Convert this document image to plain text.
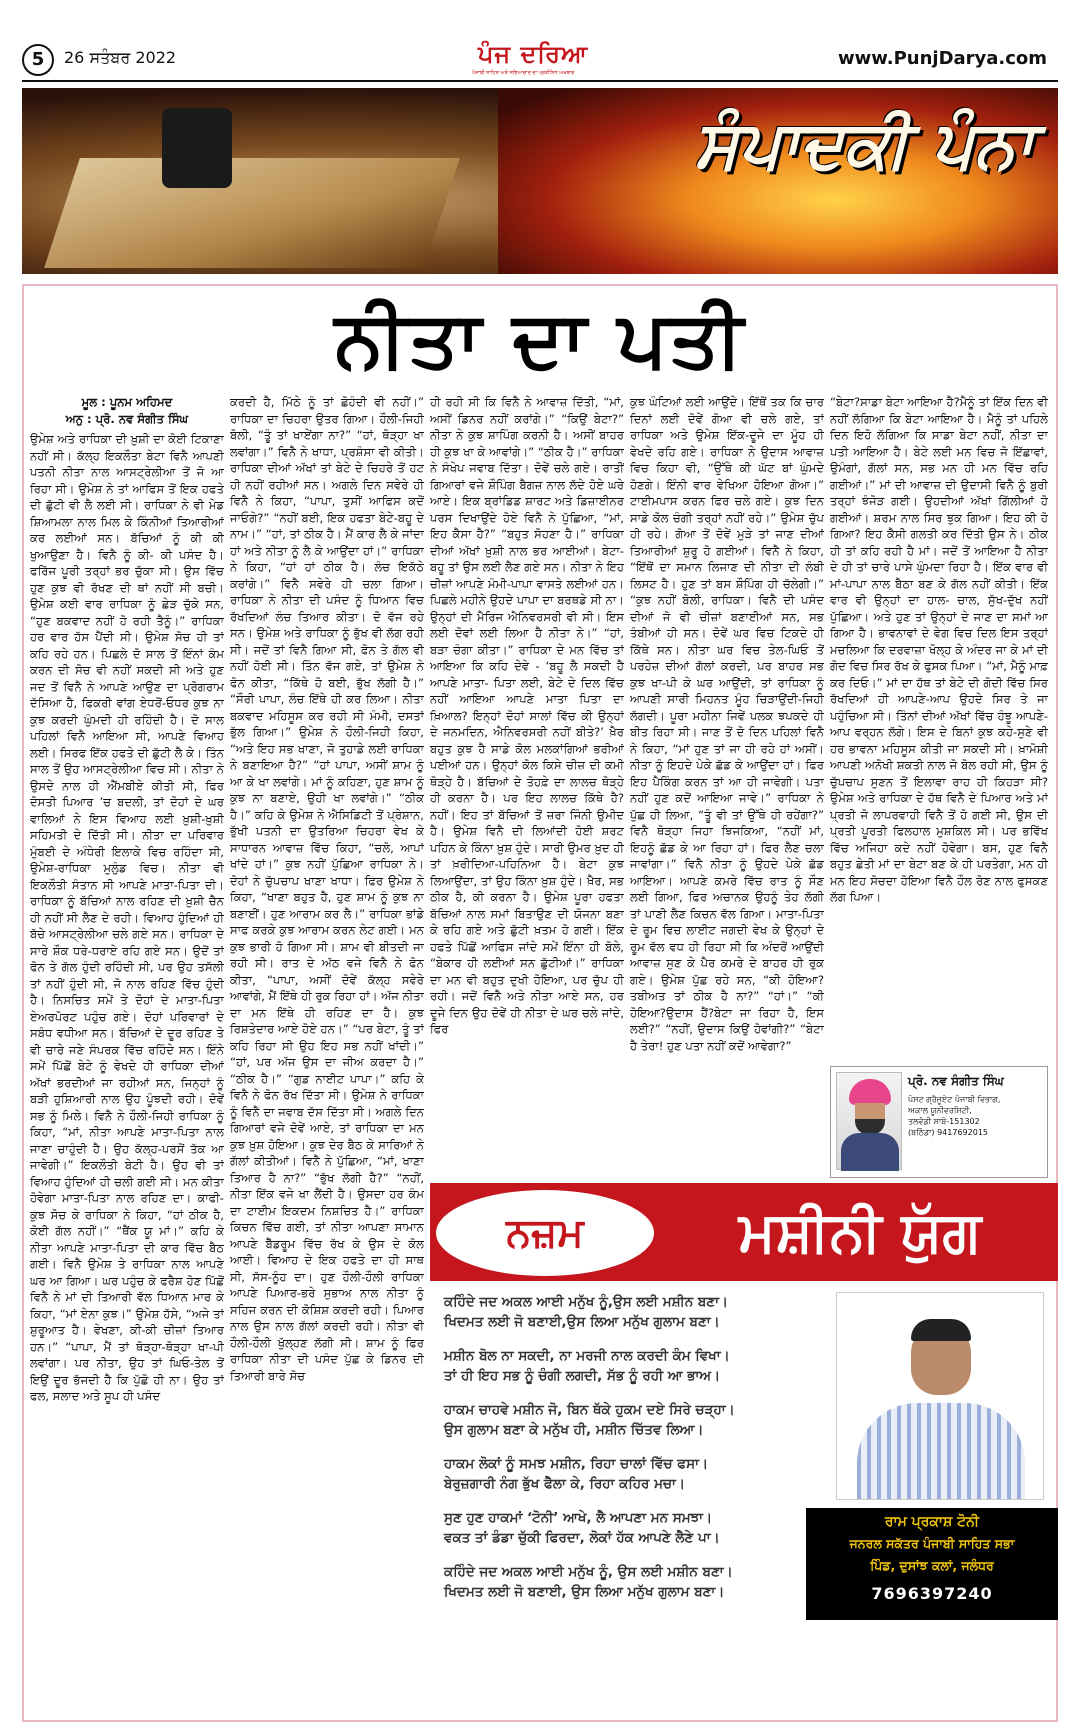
5	26 ਸਤੰਬਰ 2022	ਪੰਜ ਦਰਿਆ
ਪੰਜਾਬੀ ਸਾਹਿਤ ਅਤੇ ਸਭਿਆਚਾਰ ਦਾ ਪ੍ਰਤੀਨਿਧ ਅਖ਼ਬਾਰ
www.PunjDarya.com
ਸੰਪਾਦਕੀ ਪੰਨਾ
ਨੀਤਾ ਦਾ ਪਤੀ
ਮੂਲ : ਪੂਨਮ ਅਹਿਮਦ
ਅਨੁ : ਪ੍ਰੋ. ਨਵ ਸੰਗੀਤ ਸਿੰਘ

ਉਮੇਸ਼ ਅਤੇ ਰਾਧਿਕਾ ਦੀ ਖ਼ੁਸ਼ੀ ਦਾ ਕੋਈ ਟਿਕਾਣਾ ਨਹੀਂ ਸੀ। ਕੱਲ੍ਹ ਇਕਲੌਤਾ ਬੇਟਾ ਵਿਨੈ ਆਪਣੀ ਪਤਨੀ ਨੀਤਾ ਨਾਲ ਆਸਟ੍ਰੇਲੀਆ ਤੋਂ ਜੋ ਆ ਰਿਹਾ ਸੀ। ਉਮੇਸ਼ ਨੇ ਤਾਂ ਆਫਿਸ ਤੋਂ ਇਕ ਹਫਤੇ ਦੀ ਛੁੱਟੀ ਵੀ ਲੈ ਲਈ ਸੀ। ਰਾਧਿਕਾ ਨੇ ਵੀ ਮੇਡ ਸ਼ਿਆਮਲਾ ਨਾਲ ਮਿਲ ਕੇ ਕਿੰਨੀਆਂ ਤਿਆਰੀਆਂ ਕਰ ਲਈਆਂ ਸਨ। ਬੱਚਿਆਂ ਨੂੰ ਕੀ ਕੀ ਖੁਆਉਣਾ ਹੈ। ਵਿਨੈ ਨੂੰ ਕੀ- ਕੀ ਪਸੰਦ ਹੈ। ਫਰਿੱਜ ਪੂਰੀ ਤਰ੍ਹਾਂ ਭਰ ਚੁੱਕਾ ਸੀ। ਉਸ ਵਿੱਚ ਹੁਣ ਕੁਝ ਵੀ ਰੱਖਣ ਦੀ ਥਾਂ ਨਹੀਂ ਸੀ ਬਚੀ। ਉਮੇਸ਼ ਕਈ ਵਾਰ ਰਾਧਿਕਾ ਨੂੰ ਛੇੜ ਚੁੱਕੇ ਸਨ, “ਹੁਣ ਬਕਵਾਦ ਨਹੀਂ ਹੋ ਰਹੀ ਤੈਨੂੰ।” ਰਾਧਿਕਾ ਹਰ ਵਾਰ ਹੱਸ ਪੈਂਦੀ ਸੀ। ਉਮੇਸ਼ ਸੋਚ ਹੀ ਤਾਂ ਕਹਿ ਰਹੇ ਹਨ। ਪਿਛਲੇ ਦੋ ਸਾਲ ਤੋਂ ਇੰਨਾਂ ਕੰਮ ਕਰਨ ਦੀ ਸੋਚ ਵੀ ਨਹੀਂ ਸਕਦੀ ਸੀ ਅਤੇ ਹੁਣ ਜਦ ਤੋਂ ਵਿਨੈ ਨੇ ਆਪਣੇ ਆਉਣ ਦਾ ਪ੍ਰੋਗਰਾਮ ਦੱਸਿਆ ਹੈ, ਫਿਕਰੀ ਵਾਂਗ ਏਧਰੋਂ-ਓਧਰ ਕੁਝ ਨਾ ਕੁਝ ਕਰਦੀ ਘੁੰਮਦੀ ਹੀ ਰਹਿੰਦੀ ਹੈ। ਦੋ ਸਾਲ ਪਹਿਲਾਂ ਵਿਨੈ ਆਇਆ ਸੀ, ਆਪਣੇ ਵਿਆਹ ਲਈ। ਸਿਰਫ ਇੱਕ ਹਫਤੇ ਦੀ ਛੁੱਟੀ ਲੈ ਕੇ। ਤਿੰਨ ਸਾਲ ਤੋਂ ਉਹ ਆਸਟ੍ਰੇਲੀਆ ਵਿਚ ਸੀ। ਨੀਤਾ ਨੇ ਉਸਦੇ ਨਾਲ ਹੀ ਐੱਮਬੀਏ ਕੀਤੀ ਸੀ, ਫਿਰ ਦੋਸਤੀ ਪਿਆਰ ’ਚ ਬਦਲੀ, ਤਾਂ ਦੋਹਾਂ ਦੇ ਘਰ ਵਾਲਿਆਂ ਨੇ ਇਸ ਵਿਆਹ ਲਈ ਖ਼ੁਸ਼ੀ-ਖ਼ੁਸ਼ੀ ਸਹਿਮਤੀ ਦੇ ਦਿੱਤੀ ਸੀ। ਨੀਤਾ ਦਾ ਪਰਿਵਾਰ ਮੁੰਬਈ ਦੇ ਅੰਧੇਰੀ ਇਲਾਕੇ ਵਿਚ ਰਹਿੰਦਾ ਸੀ, ਉਮੇਸ਼-ਰਾਧਿਕਾ ਮੁਲੁੰਡ ਵਿਚ। ਨੀਤਾ ਵੀ ਇਕਲੌਤੀ ਸੰਤਾਨ ਸੀ ਆਪਣੇ ਮਾਤਾ-ਪਿਤਾ ਦੀ। ਰਾਧਿਕਾ ਨੂੰ ਬੱਚਿਆਂ ਨਾਲ ਰਹਿਣ ਦੀ ਖ਼ੁਸ਼ੀ ਚੈਨ ਹੀ ਨਹੀਂ ਸੀ ਲੈਣ ਦੇ ਰਹੀ। ਵਿਆਹ ਹੁੰਦਿਆਂ ਹੀ ਬੱਚੇ ਆਸਟ੍ਰੇਲੀਆ ਚਲੇ ਗਏ ਸਨ। ਰਾਧਿਕਾ ਦੇ ਸਾਰੇ ਸ਼ੌਕ ਧਰੇ-ਧਰਾਏ ਰਹਿ ਗਏ ਸਨ। ਉਦੋਂ ਤਾਂ ਫੋਨ ਤੇ ਗੱਲ ਹੁੰਦੀ ਰਹਿੰਦੀ ਸੀ, ਪਰ ਉਹ ਤਸੱਲੀ ਤਾਂ ਨਹੀਂ ਹੁੰਦੀ ਸੀ, ਜੋ ਨਾਲ ਰਹਿਣ ਵਿੱਚ ਹੁੰਦੀ ਹੈ। ਨਿਸਚਿਤ ਸਮੇਂ ਤੇ ਦੋਹਾਂ ਦੇ ਮਾਤਾ-ਪਿਤਾ ਏਅਰਪੋਰਟ ਪਹੁੰਚ ਗਏ। ਦੋਹਾਂ ਪਰਿਵਾਰਾਂ ਦੇ ਸਬੰਧ ਵਧੀਆ ਸਨ। ਬੱਚਿਆਂ ਦੇ ਦੂਰ ਰਹਿਣ ਤੇ ਵੀ ਚਾਰੇ ਜਣੇ ਸੰਪਰਕ ਵਿੱਚ ਰਹਿੰਦੇ ਸਨ। ਇੰਨੇ ਸਮੇਂ ਪਿੱਛੋਂ ਬੇਟੇ ਨੂੰ ਵੇਖਦੇ ਹੀ ਰਾਧਿਕਾ ਦੀਆਂ ਅੱਖਾਂ ਭਰਦੀਆਂ ਜਾ ਰਹੀਆਂ ਸਨ, ਜਿਨ੍ਹਾਂ ਨੂੰ ਬੜੀ ਹੁਸ਼ਿਆਰੀ ਨਾਲ ਉਹ ਪੂੰਝਦੀ ਰਹੀ। ਦੋਵੇਂ ਸਭ ਨੂੰ ਮਿਲੇ। ਵਿਨੈ ਨੇ ਹੌਲੀ-ਜਿਹੀ ਰਾਧਿਕਾ ਨੂੰ ਕਿਹਾ, “ਮਾਂ, ਨੀਤਾ ਆਪਣੇ ਮਾਤਾ-ਪਿਤਾ ਨਾਲ ਜਾਣਾ ਚਾਹੁੰਦੀ ਹੈ। ਉਹ ਕੱਲ੍ਹ-ਪਰਸੋਂ ਤੱਕ ਆ ਜਾਵੇਗੀ।” ਇਕਲੌਤੀ ਬੇਟੀ ਹੈ। ਉਹ ਵੀ ਤਾਂ ਵਿਆਹ ਹੁੰਦਿਆਂ ਹੀ ਚਲੀ ਗਈ ਸੀ। ਮਨ ਕੀਤਾ ਹੋਵੇਗਾ ਮਾਤਾ-ਪਿਤਾ ਨਾਲ ਰਹਿਣ ਦਾ। ਕਾਫੀ-ਕੁਝ ਸੋਚ ਕੇ ਰਾਧਿਕਾ ਨੇ ਕਿਹਾ, “ਹਾਂ ਠੀਕ ਹੈ, ਕੋਈ ਗੱਲ ਨਹੀਂ।” “ਥੈਂਕ ਯੂ ਮਾਂ।” ਕਹਿ ਕੇ ਨੀਤਾ ਆਪਣੇ ਮਾਤਾ-ਪਿਤਾ ਦੀ ਕਾਰ ਵਿੱਚ ਬੈਠ ਗਈ। ਵਿਨੈ ਉਮੇਸ਼ ਤੇ ਰਾਧਿਕਾ ਨਾਲ ਆਪਣੇ ਘਰ ਆ ਗਿਆ। ਘਰ ਪਹੁੰਚ ਕੇ ਫਰੈਸ਼ ਹੋਣ ਪਿੱਛੋਂ ਵਿਨੈ ਨੇ ਮਾਂ ਦੀ ਤਿਆਰੀ ਵੱਲ ਧਿਆਨ ਮਾਰ ਕੇ ਕਿਹਾ, “ਮਾਂ ਏਨਾ ਕੁਝ।” ਉਮੇਸ਼ ਹੱਸੇ, “ਅਜੇ ਤਾਂ ਸ਼ੁਰੂਆਤ ਹੈ। ਵੇਖਣਾ, ਕੀ-ਕੀ ਚੀਜ਼ਾਂ ਤਿਆਰ ਹਨ।” “ਪਾਪਾ, ਮੈਂ ਤਾਂ ਥੋੜ੍ਹਾ-ਥੋੜ੍ਹਾ ਖਾ-ਪੀ ਲਵਾਂਗਾ। ਪਰ ਨੀਤਾ, ਉਹ ਤਾਂ ਘਿਓ-ਤੇਲ ਤੋਂ ਇਉਂ ਦੂਰ ਭੱਜਦੀ ਹੈ ਕਿ ਪੁੱਛੋ ਹੀ ਨਾ। ਉਹ ਤਾਂ ਫਲ, ਸਲਾਦ ਅਤੇ ਸੂਪ ਹੀ ਪਸੰਦ

ਕਰਦੀ ਹੈ, ਮਿੱਠੇ ਨੂੰ ਤਾਂ ਛੋਹੰਦੀ ਵੀ ਨਹੀਂ।” ਰਾਧਿਕਾ ਦਾ ਚਿਹਰਾ ਉਤਰ ਗਿਆ। ਹੌਲੀ-ਜਿਹੀ ਬੋਲੀ, “ਤੂੰ ਤਾਂ ਖਾਏਂਗਾ ਨਾ?” “ਹਾਂ, ਥੋੜ੍ਹਾ ਖਾ ਲਵਾਂਗਾ।” ਵਿਨੈ ਨੇ ਖਾਧਾ, ਪ੍ਰਸ਼ੰਸਾ ਵੀ ਕੀਤੀ। ਰਾਧਿਕਾ ਦੀਆਂ ਅੱਖਾਂ ਤਾਂ ਬੇਟੇ ਦੇ ਚਿਹਰੇ ਤੋਂ ਹਟ ਹੀ ਨਹੀਂ ਰਹੀਆਂ ਸਨ। ਅਗਲੇ ਦਿਨ ਸਵੇਰੇ ਹੀ ਵਿਨੈ ਨੇ ਕਿਹਾ, “ਪਾਪਾ, ਤੁਸੀਂ ਆਫਿਸ ਕਦੋਂ ਜਾਓਗੇ?” “ਨਹੀਂ ਬਈ, ਇਕ ਹਫਤਾ ਬੇਟੇ-ਬਹੂ ਦੇ ਨਾਮ।” “ਹਾਂ, ਤਾਂ ਠੀਕ ਹੈ। ਮੈਂ ਕਾਰ ਲੈ ਕੇ ਜਾਂਦਾ ਹਾਂ ਅਤੇ ਨੀਤਾ ਨੂੰ ਲੈ ਕੇ ਆਉਂਦਾ ਹਾਂ।” ਰਾਧਿਕਾ ਨੇ ਕਿਹਾ, “ਹਾਂ ਹਾਂ ਠੀਕ ਹੈ। ਲੰਚ ਇਕੱਠੇ ਕਰਾਂਗੇ।” ਵਿਨੈ ਸਵੇਰੇ ਹੀ ਚਲਾ ਗਿਆ। ਰਾਧਿਕਾ ਨੇ ਨੀਤਾ ਦੀ ਪਸੰਦ ਨੂੰ ਧਿਆਨ ਵਿਚ ਰੱਖਦਿਆਂ ਲੰਚ ਤਿਆਰ ਕੀਤਾ। ਦੋ ਵੱਜ ਰਹੇ ਸਨ। ਉਮੇਸ਼ ਅਤੇ ਰਾਧਿਕਾ ਨੂੰ ਭੁੱਖ ਵੀ ਲੱਗ ਰਹੀ ਸੀ। ਜਦੋਂ ਤਾਂ ਵਿਨੈ ਗਿਆ ਸੀ, ਫੋਨ ਤੇ ਗੱਲ ਵੀ ਨਹੀਂ ਹੋਈ ਸੀ। ਤਿੰਨ ਵੱਜ ਗਏ, ਤਾਂ ਉਮੇਸ਼ ਨੇ ਫੋਨ ਕੀਤਾ, “ਕਿੱਥੇ ਹੋ ਬਈ, ਭੁੱਖ ਲੱਗੀ ਹੈ।” “ਸੌਰੀ ਪਾਪਾ, ਲੰਚ ਇੱਥੇ ਹੀ ਕਰ ਲਿਆ। ਨੀਤਾ ਬਕਵਾਦ ਮਹਿਸੂਸ ਕਰ ਰਹੀ ਸੀ ਮੰਮੀ, ਦਸਤਾਂ ਭੁੱਲ ਗਿਆ।” ਉਮੇਸ਼ ਨੇ ਹੌਲੀ-ਜਿਹੀ ਕਿਹਾ, “ਅਤੇ ਇਹ ਸਭ ਖਾਣਾ, ਜੋ ਤੁਹਾਡੇ ਲਈ ਰਾਧਿਕਾ ਨੇ ਬਣਾਇਆ ਹੈ?” “ਹਾਂ ਪਾਪਾ, ਅਸੀਂ ਸ਼ਾਮ ਨੂੰ ਆ ਕੇ ਖਾ ਲਵਾਂਗੇ। ਮਾਂ ਨੂੰ ਕਹਿਣਾ, ਹੁਣ ਸ਼ਾਮ ਨੂੰ ਕੁਝ ਨਾ ਬਣਾਏ, ਉਹੀ ਖਾ ਲਵਾਂਗੇ।” “ਠੀਕ ਹੈ।” ਕਹਿ ਕੇ ਉਮੇਸ਼ ਨੇ ਐਸਿਡਿਟੀ ਤੋਂ ਪ੍ਰੇਸ਼ਾਨ, ਭੁੱਖੀ ਪਤਨੀ ਦਾ ਉਤਰਿਆ ਚਿਹਰਾ ਵੇਖ ਕੇ ਸਾਧਾਰਨ ਆਵਾਜ਼ ਵਿੱਚ ਕਿਹਾ, “ਚਲੋ, ਆਪਾਂ ਖਾਂਦੇ ਹਾਂ।” ਕੁਝ ਨਹੀਂ ਪੁੱਛਿਆ ਰਾਧਿਕਾ ਨੇ। ਦੋਹਾਂ ਨੇ ਚੁੱਪਚਾਪ ਖਾਣਾ ਖਾਧਾ। ਫਿਰ ਉਮੇਸ਼ ਨੇ ਕਿਹਾ, “ਖਾਣਾ ਬਹੁਤ ਹੈ, ਹੁਣ ਸ਼ਾਮ ਨੂੰ ਕੁਝ ਨਾ ਬਣਾਈਂ। ਹੁਣ ਆਰਾਮ ਕਰ ਲੈ।” ਰਾਧਿਕਾ ਭਾਂਡੇ ਸਾਫ ਕਰਕੇ ਕੁਝ ਆਰਾਮ ਕਰਨ ਲੇਟ ਗਈ। ਮਨ ਕੁਝ ਭਾਰੀ ਹੋ ਗਿਆ ਸੀ। ਸ਼ਾਮ ਵੀ ਬੀਤਦੀ ਜਾ ਰਹੀ ਸੀ। ਰਾਤ ਦੇ ਅੱਠ ਵਜੇ ਵਿਨੈ ਨੇ ਫੋਨ ਕੀਤਾ, “ਪਾਪਾ, ਅਸੀਂ ਦੋਵੇਂ ਕੱਲ੍ਹ ਸਵੇਰੇ ਆਵਾਂਗੇ, ਮੈਂ ਇੱਥੇ ਹੀ ਰੁਕ ਰਿਹਾ ਹਾਂ। ਅੱਜ ਨੀਤਾ ਦਾ ਮਨ ਇੱਥੇ ਹੀ ਰਹਿਣ ਦਾ ਹੈ। ਕੁਝ ਰਿਸ਼ਤੇਦਾਰ ਆਏ ਹੋਏ ਹਨ।” “ਪਰ ਬੇਟਾ, ਤੂੰ ਤਾਂ ਕਹਿ ਰਿਹਾ ਸੀ ਉਹ ਇਹ ਸਭ ਨਹੀਂ ਖਾਂਦੀ।” “ਹਾਂ, ਪਰ ਅੱਜ ਉਸ ਦਾ ਜੀਅ ਕਰਦਾ ਹੈ।” “ਠੀਕ ਹੈ।” “ਗੁਡ ਨਾਈਟ ਪਾਪਾ।” ਕਹਿ ਕੇ ਵਿਨੈ ਨੇ ਫੋਨ ਰੱਖ ਦਿੱਤਾ ਸੀ। ਉਮੇਸ਼ ਨੇ ਰਾਧਿਕਾ ਨੂੰ ਵਿਨੈ ਦਾ ਜਵਾਬ ਦੱਸ ਦਿੱਤਾ ਸੀ। ਅਗਲੇ ਦਿਨ ਗਿਆਰਾਂ ਵਜੇ ਦੋਵੇਂ ਆਏ, ਤਾਂ ਰਾਧਿਕਾ ਦਾ ਮਨ ਕੁਝ ਖ਼ੁਸ਼ ਹੋਇਆ। ਕੁਝ ਦੇਰ ਬੈਠ ਕੇ ਸਾਰਿਆਂ ਨੇ ਗੱਲਾਂ ਕੀਤੀਆਂ। ਵਿਨੈ ਨੇ ਪੁੱਛਿਆ, “ਮਾਂ, ਖਾਣਾ ਤਿਆਰ ਹੈ ਨਾ?” “ਭੁੱਖ ਲੱਗੀ ਹੈ?” “ਨਹੀਂ, ਨੀਤਾ ਇੱਕ ਵਜੇ ਖਾ ਲੈਂਦੀ ਹੈ। ਉਸਦਾ ਹਰ ਕੰਮ ਦਾ ਟਾਈਮ ਇਕਦਮ ਨਿਸ਼ਚਿਤ ਹੈ।” ਰਾਧਿਕਾ ਕਿਚਨ ਵਿੱਚ ਗਈ, ਤਾਂ ਨੀਤਾ ਆਪਣਾ ਸਾਮਾਨ ਆਪਣੇ ਬੈੱਡਰੂਮ ਵਿੱਚ ਰੱਖ ਕੇ ਉਸ ਦੇ ਕੋਲ ਆਈ। ਵਿਆਹ ਦੇ ਇਕ ਹਫਤੇ ਦਾ ਹੀ ਸਾਥ ਸੀ, ਸੱਸ-ਨੂੰਹ ਦਾ। ਹੁਣ ਹੌਲੀ-ਹੌਲੀ ਰਾਧਿਕਾ ਆਪਣੇ ਪਿਆਰ-ਭਰੇ ਸੁਭਾਅ ਨਾਲ ਨੀਤਾ ਨੂੰ ਸਹਿਜ ਕਰਨ ਦੀ ਕੋਸ਼ਿਸ਼ ਕਰਦੀ ਰਹੀ। ਪਿਆਰ ਨਾਲ ਉਸ ਨਾਲ ਗੱਲਾਂ ਕਰਦੀ ਰਹੀ। ਨੀਤਾ ਵੀ ਹੌਲੀ-ਹੌਲੀ ਖੁੱਲ੍ਹਣ ਲੱਗੀ ਸੀ। ਸ਼ਾਮ ਨੂੰ ਫਿਰ ਰਾਧਿਕਾ ਨੀਤਾ ਦੀ ਪਸੰਦ ਪੁੱਛ ਕੇ ਡਿਨਰ ਦੀ ਤਿਆਰੀ ਬਾਰੇ ਸੋਚ

ਹੀ ਰਹੀ ਸੀ ਕਿ ਵਿਨੈ ਨੇ ਆਵਾਜ਼ ਦਿੱਤੀ, “ਮਾਂ, ਅਸੀਂ ਡਿਨਰ ਨਹੀਂ ਕਰਾਂਗੇ।” “ਕਿਉਂ ਬੇਟਾ?” ਨੀਤਾ ਨੇ ਕੁਝ ਸ਼ਾਪਿੰਗ ਕਰਨੀ ਹੈ। ਅਸੀਂ ਬਾਹਰ ਹੀ ਕੁਝ ਖਾ ਕੇ ਆਵਾਂਗੇ।” “ਠੀਕ ਹੈ।” ਰਾਧਿਕਾ ਨੇ ਸੰਖੇਪ ਜਵਾਬ ਦਿੱਤਾ। ਦੋਵੇਂ ਚਲੇ ਗਏ। ਰਾਤੀਂ ਗਿਆਰਾਂ ਵਜੇ ਸ਼ੌਪਿੰਗ ਬੈਗਜ਼ ਨਾਲ ਲੱਦੇ ਹੋਏ ਘਰੇ ਆਏ। ਇਕ ਬ੍ਰਾਂਡਿਡ ਸ਼ਾਰਟ ਅਤੇ ਡਿਜ਼ਾਈਨਰ ਪਰਸ ਦਿਖਾਉਂਦੇ ਹੋਏ ਵਿਨੈ ਨੇ ਪੁੱਛਿਆ, “ਮਾਂ, ਇਹ ਕੈਸਾ ਹੈ?” “ਬਹੁਤ ਸੋਹਣਾ ਹੈ।” ਰਾਧਿਕਾ ਦੀਆਂ ਅੱਖਾਂ ਖ਼ੁਸ਼ੀ ਨਾਲ ਭਰ ਆਈਆਂ। ਬੇਟਾ-ਬਹੂ ਤਾਂ ਉਸ ਲਈ ਲੈਣ ਗਏ ਸਨ। ਨੀਤਾ ਨੇ ਇਹ ਚੀਜ਼ਾਂ ਆਪਣੇ ਮੰਮੀ-ਪਾਪਾ ਵਾਸਤੇ ਲਈਆਂ ਹਨ। ਪਿਛਲੇ ਮਹੀਨੇ ਉਹਦੇ ਪਾਪਾ ਦਾ ਬਰਥਡੇ ਸੀ ਨਾ। ਉਨ੍ਹਾਂ ਦੀ ਮੈਰਿਜ ਐਨਿਵਰਸਰੀ ਵੀ ਸੀ। ਇਸ ਲਈ ਦੋਵਾਂ ਲਈ ਲਿਆ ਹੈ ਨੀਤਾ ਨੇ।” “ਹਾਂ, ਬੜਾ ਚੰਗਾ ਕੀਤਾ।” ਰਾਧਿਕਾ ਦੇ ਮਨ ਵਿੱਚ ਤਾਂ ਆਇਆ ਕਿ ਕਹਿ ਦੇਵੇ - ‘ਬਹੂ ਲੈ ਸਕਦੀ ਹੈ ਆਪਣੇ ਮਾਤਾ- ਪਿਤਾ ਲਈ, ਬੇਟੇ ਦੇ ਦਿਲ ਵਿੱਚ ਨਹੀਂ ਆਇਆ ਆਪਣੇ ਮਾਤਾ ਪਿਤਾ ਦਾ ਖ਼ਿਆਲ? ਇਨ੍ਹਾਂ ਦੋਹਾਂ ਸਾਲਾਂ ਵਿੱਚ ਕੀ ਉਨ੍ਹਾਂ ਦੇ ਜਨਮਦਿਨ, ਐਨਿਵਰਸਰੀ ਨਹੀਂ ਬੀਤੇ?’ ਖ਼ੈਰ ਬਹੁਤ ਕੁਝ ਹੈ ਸਾਡੇ ਕੋਲ ਮਲਕਾਂਗਿਆਂ ਭਰੀਆਂ ਪਈਆਂ ਹਨ। ਉਨ੍ਹਾਂ ਕੋਲ ਕਿਸੇ ਚੀਜ਼ ਦੀ ਕਮੀ ਥੋੜ੍ਹੇ ਹੈ। ਬੱਚਿਆਂ ਦੇ ਤੋਹਫ਼ੇ ਦਾ ਲਾਲਚ ਥੋੜ੍ਹੇ ਹੀ ਕਰਨਾ ਹੈ। ਪਰ ਇਹ ਲਾਲਚ ਕਿੱਥੇ ਹੈ? ਨਹੀਂ। ਇਹ ਤਾਂ ਬੱਚਿਆਂ ਤੋਂ ਜ਼ਰਾ ਜਿੰਨੀ ਉਮੀਦ ਹੈ। ਉਮੇਸ਼ ਵਿਨੈ ਦੀ ਲਿਆਂਦੀ ਹੋਈ ਸ਼ਰਟ ਪਹਿਨ ਕੇ ਕਿੰਨਾ ਖ਼ੁਸ਼ ਹੁੰਦੇ। ਸਾਰੀ ਉਮਰ ਖ਼ੁਦ ਹੀ ਤਾਂ ਖ਼ਰੀਦਿਆ-ਪਹਿਨਿਆ ਹੈ। ਬੇਟਾ ਕੁਝ ਲਿਆਉਂਦਾ, ਤਾਂ ਉਹ ਕਿੰਨਾ ਖ਼ੁਸ਼ ਹੁੰਦੇ। ਖ਼ੈਰ, ਸਭ ਠੀਕ ਹੈ, ਕੀ ਕਰਨਾ ਹੈ। ਉਮੇਸ਼ ਪੂਰਾ ਹਫਤਾ ਬੱਚਿਆਂ ਨਾਲ ਸਮਾਂ ਬਿਤਾਉਣ ਦੀ ਯੋਜਨਾ ਬਣਾ ਕੇ ਰਹਿ ਗਏ ਅਤੇ ਛੁੱਟੀ ਖ਼ਤਮ ਹੋ ਗਈ। ਇੱਕ ਹਫਤੇ ਪਿੱਛੋਂ ਆਫਿਸ ਜਾਂਦੇ ਸਮੇਂ ਇੰਨਾ ਹੀ ਬੋਲੇ, “ਬੇਕਾਰ ਹੀ ਲਈਆਂ ਸਨ ਛੁੱਟੀਆਂ।” ਰਾਧਿਕਾ ਦਾ ਮਨ ਵੀ ਬਹੁਤ ਦੁਖੀ ਹੋਇਆ, ਪਰ ਚੁੱਪ ਹੀ ਰਹੀ। ਜਦੋਂ ਵਿਨੈ ਅਤੇ ਨੀਤਾ ਆਏ ਸਨ, ਹਰ ਦੂਜੇ ਦਿਨ ਉਹ ਦੋਵੇਂ ਹੀ ਨੀਤਾ ਦੇ ਘਰ ਚਲੇ ਜਾਂਦੇ, ਫਿਰ

ਕੁਝ ਘੰਟਿਆਂ ਲਈ ਆਉਂਦੇ। ਇੱਥੋਂ ਤਕ ਕਿ ਚਾਰ ਦਿਨਾਂ ਲਈ ਦੋਵੇਂ ਗੋਆ ਵੀ ਚਲੇ ਗਏ, ਤਾਂ ਰਾਧਿਕਾ ਅਤੇ ਉਮੇਸ਼ ਇੱਕ-ਦੂਜੇ ਦਾ ਮੂੰਹ ਹੀ ਵੇਖਦੇ ਰਹਿ ਗਏ। ਰਾਧਿਕਾ ਨੇ ਉਦਾਸ ਆਵਾਜ਼ ਵਿਚ ਕਿਹਾ ਵੀ, “ਉੱਥੇ ਕੀ ਘੱਟ ਬਾਂ ਘੁੰਮਦੇ ਹੋਣਗੇ। ਇੰਨੀ ਵਾਰ ਵੇਖਿਆ ਹੋਇਆ ਗੋਆ।” ਟਾਈਮਪਾਸ ਕਰਨ ਫਿਰ ਚਲੇ ਗਏ। ਕੁਝ ਦਿਨ ਸਾਡੇ ਕੋਲ ਚੰਗੀ ਤਰ੍ਹਾਂ ਨਹੀਂ ਰਹੇ।” ਉਮੇਸ਼ ਚੁੱਪ ਹੀ ਰਹੇ। ਗੋਆ ਤੋਂ ਦੋਵੇਂ ਮੁੜੇ ਤਾਂ ਜਾਣ ਦੀਆਂ ਤਿਆਰੀਆਂ ਸ਼ੁਰੂ ਹੋ ਗਈਆਂ। ਵਿਨੈ ਨੇ ਕਿਹਾ, “ਇੱਥੋਂ ਦਾ ਸਮਾਨ ਲਿਜਾਣ ਦੀ ਨੀਤਾ ਦੀ ਲੰਬੀ ਲਿਸਟ ਹੈ। ਹੁਣ ਤਾਂ ਬਸ ਸ਼ੌਪਿੰਗ ਹੀ ਚੱਲੇਗੀ।” “ਕੁਝ ਨਹੀਂ ਬੋਲੀ, ਰਾਧਿਕਾ। ਵਿਨੈ ਦੀ ਪਸੰਦ ਦੀਆਂ ਜੋ ਵੀ ਚੀਜ਼ਾਂ ਬਣਾਈਆਂ ਸਨ, ਸਭ ਤੰਬੀਆਂ ਹੀ ਸਨ। ਦੋਵੇਂ ਘਰ ਵਿਚ ਟਿਕਦੇ ਹੀ ਕਿੱਥੇ ਸਨ। ਨੀਤਾ ਘਰ ਵਿਚ ਤੇਲ-ਘਿਓ ਤੋਂ ਪਰਹੇਜ਼ ਦੀਆਂ ਗੱਲਾਂ ਕਰਦੀ, ਪਰ ਬਾਹਰ ਸਭ ਕੁਝ ਖਾ-ਪੀ ਕੇ ਘਰ ਆਉਂਦੀ, ਤਾਂ ਰਾਧਿਕਾ ਨੂੰ ਆਪਣੀ ਸਾਰੀ ਮਿਹਨਤ ਮੂੰਹ ਚਿੜਾਉਂਦੀ-ਜਿਹੀ ਲੱਗਦੀ। ਪੂਰਾ ਮਹੀਨਾ ਜਿਵੇਂ ਪਲਕ ਝਪਕਦੇ ਹੀ ਬੀਤ ਰਿਹਾ ਸੀ। ਜਾਣ ਤੋਂ ਦੋ ਦਿਨ ਪਹਿਲਾਂ ਵਿਨੈ ਨੇ ਕਿਹਾ, “ਮਾਂ ਹੁਣ ਤਾਂ ਜਾ ਹੀ ਰਹੇ ਹਾਂ ਅਸੀਂ। ਨੀਤਾ ਨੂੰ ਇਹਦੇ ਪੇਕੇ ਛੱਡ ਕੇ ਆਉਂਦਾ ਹਾਂ। ਫਿਰ ਇਹ ਪੈਕਿੰਗ ਕਰਨ ਤਾਂ ਆ ਹੀ ਜਾਵੇਗੀ। ਪਤਾ ਨਹੀਂ ਹੁਣ ਕਦੋਂ ਆਇਆ ਜਾਵੇ।” ਰਾਧਿਕਾ ਨੇ ਪੁੱਛ ਹੀ ਲਿਆ, “ਤੂੰ ਵੀ ਤਾਂ ਉੱਥੇ ਹੀ ਰਹੇਂਗਾ?” ਵਿਨੈ ਥੋੜ੍ਹਾ ਜਿਹਾ ਝਿਜਕਿਆ, “ਨਹੀਂ ਮਾਂ, ਇਹਨੂੰ ਛੱਡ ਕੇ ਆ ਰਿਹਾ ਹਾਂ। ਫਿਰ ਲੈਣ ਚਲਾ ਜਾਵਾਂਗਾ।” ਵਿਨੈ ਨੀਤਾ ਨੂੰ ਉਹਦੇ ਪੇਕੇ ਛੱਡ ਆਇਆ। ਆਪਣੇ ਕਮਰੇ ਵਿੱਚ ਰਾਤ ਨੂੰ ਸੌਣ ਲਈ ਗਿਆ, ਫਿਰ ਅਚਾਨਕ ਉਹਨੂੰ ਤੇਹ ਲੱਗੀ ਤਾਂ ਪਾਣੀ ਲੈਣ ਕਿਚਨ ਵੱਲ ਗਿਆ। ਮਾਤਾ-ਪਿਤਾ ਦੇ ਰੂਮ ਵਿਚ ਲਾਈਟ ਜਗਦੀ ਵੇਖ ਕੇ ਉਨ੍ਹਾਂ ਦੇ ਰੂਮ ਵੱਲ ਵਧ ਹੀ ਰਿਹਾ ਸੀ ਕਿ ਅੰਦਰੋਂ ਆਉਂਦੀ ਆਵਾਜ਼ ਸੁਣ ਕੇ ਪੈਰ ਕਮਰੇ ਦੇ ਬਾਹਰ ਹੀ ਰੁਕ ਗਏ। ਉਮੇਸ਼ ਪੁੱਛ ਰਹੇ ਸਨ, “ਕੀ ਹੋਇਆ?ਤਬੀਅਤ ਤਾਂ ਠੀਕ ਹੈ ਨਾ?” “ਹਾਂ।” “ਕੀ ਹੋਇਆ?ਉਦਾਸ ਹੈਂ?ਬੇਟਾ ਜਾ ਰਿਹਾ ਹੈ, ਇਸ ਲਈ?” “ਨਹੀਂ, ਉਦਾਸ ਕਿਉਂ ਹੋਵਾਂਗੀ?” “ਬੇਟਾ ਹੈ ਤੇਰਾ! ਹੁਣ ਪਤਾ ਨਹੀਂ ਕਦੋਂ ਆਵੇਗਾ?”

“ਬੇਟਾ?ਸਾਡਾ ਬੇਟਾ ਆਇਆ ਹੈ?ਮੈਨੂੰ ਤਾਂ ਇੱਕ ਦਿਨ ਵੀ ਨਹੀਂ ਲੱਗਿਆ ਕਿ ਬੇਟਾ ਆਇਆ ਹੈ। ਮੈਨੂੰ ਤਾਂ ਪਹਿਲੇ ਦਿਨ ਇਹੋ ਲੱਗਿਆ ਕਿ ਸਾਡਾ ਬੇਟਾ ਨਹੀਂ, ਨੀਤਾ ਦਾ ਪਤੀ ਆਇਆ ਹੈ। ਬੇਟੇ ਲਈ ਮਨ ਵਿਚ ਜੋ ਇੱਛਾਵਾਂ, ਉਮੰਗਾਂ, ਗੱਲਾਂ ਸਨ, ਸਭ ਮਨ ਹੀ ਮਨ ਵਿੱਚ ਰਹਿ ਗਈਆਂ।” ਮਾਂ ਦੀ ਆਵਾਜ਼ ਦੀ ਉਦਾਸੀ ਵਿਨੈ ਨੂੰ ਬੁਰੀ ਤਰ੍ਹਾਂ ਝੰਜੋੜ ਗਈ। ਉਹਦੀਆਂ ਅੱਖਾਂ ਗਿੱਲੀਆਂ ਹੋ ਗਈਆਂ। ਸ਼ਰਮ ਨਾਲ ਸਿਰ ਝੁਕ ਗਿਆ। ਇਹ ਕੀ ਹੋ ਗਿਆ? ਇਹ ਕੈਸੀ ਗਲਤੀ ਕਰ ਦਿੱਤੀ ਉਸ ਨੇ। ਠੀਕ ਹੀ ਤਾਂ ਕਹਿ ਰਹੀ ਹੈ ਮਾਂ। ਜਦੋਂ ਤੋਂ ਆਇਆ ਹੈ ਨੀਤਾ ਦੇ ਹੀ ਤਾਂ ਚਾਰੇ ਪਾਸੇ ਘੁੰਮਦਾ ਰਿਹਾ ਹੈ। ਇੱਕ ਵਾਰ ਵੀ ਮਾਂ-ਪਾਪਾ ਨਾਲ ਬੈਠਾ ਬਣ ਕੇ ਗੱਲ ਨਹੀਂ ਕੀਤੀ। ਇੱਕ ਵਾਰ ਵੀ ਉਨ੍ਹਾਂ ਦਾ ਹਾਲ- ਚਾਲ, ਸੁੱਖ-ਦੁੱਖ ਨਹੀਂ ਪੁੱਛਿਆ। ਅਤੇ ਹੁਣ ਤਾਂ ਉਨ੍ਹਾਂ ਦੇ ਜਾਣ ਦਾ ਸਮਾਂ ਆ ਗਿਆ ਹੈ। ਭਾਵਨਾਵਾਂ ਦੇ ਵੇਗ ਵਿਚ ਦਿਲ ਇਸ ਤਰ੍ਹਾਂ ਮਚਲਿਆ ਕਿ ਦਰਵਾਜ਼ਾ ਖੋਲ੍ਹ ਕੇ ਅੰਦਰ ਜਾ ਕੇ ਮਾਂ ਦੀ ਗੋਦ ਵਿਚ ਸਿਰ ਰੱਖ ਕੇ ਫੁਸਕ ਪਿਆ। “ਮਾਂ, ਮੈਨੂੰ ਮਾਫ਼ ਕਰ ਦਿਓ।” ਮਾਂ ਦਾ ਹੱਥ ਤਾਂ ਬੇਟੇ ਦੀ ਗੋਦੀ ਵਿੱਚ ਸਿਰ ਰੱਖਦਿਆਂ ਹੀ ਆਪਣੇ-ਆਪ ਉਹਦੇ ਸਿਰ ਤੇ ਜਾ ਪਹੁੰਚਿਆ ਸੀ। ਤਿੰਨਾਂ ਦੀਆਂ ਅੱਖਾਂ ਵਿੱਚ ਹੰਝੂ ਆਪਣੇ-ਆਪ ਵਰ੍ਹਨ ਲੱਗੇ। ਇਸ ਦੇ ਬਿਨਾਂ ਕੁਝ ਕਹੇ-ਸੁਣੇ ਵੀ ਹਰ ਭਾਵਨਾ ਮਹਿਸੂਸ ਕੀਤੀ ਜਾ ਸਕਦੀ ਸੀ। ਖ਼ਾਮੋਸ਼ੀ ਆਪਣੀ ਅਨੋਖੀ ਸ਼ਕਤੀ ਨਾਲ ਜੋ ਬੋਲ ਰਹੀ ਸੀ, ਉਸ ਨੂੰ ਚੁੱਪਚਾਪ ਸੁਣਨ ਤੋਂ ਇਲਾਵਾ ਰਾਹ ਹੀ ਕਿਹੜਾ ਸੀ? ਉਮੇਸ਼ ਅਤੇ ਰਾਧਿਕਾ ਦੇ ਹੱਥ ਵਿਨੈ ਦੇ ਪਿਆਰ ਅਤੇ ਮਾਂ ਪ੍ਰਤੀ ਜੋ ਲਾਪਰਵਾਹੀ ਵਿਨੈ ਤੋਂ ਹੋ ਗਈ ਸੀ, ਉਸ ਦੀ ਪ੍ਰਤੀ ਪੂਰਤੀ ਫਿਲਹਾਲ ਮੁਸ਼ਕਿਲ ਸੀ। ਪਰ ਭਵਿੱਖ ਵਿੱਚ ਅਜਿਹਾ ਕਦੇ ਨਹੀਂ ਹੋਵੇਗਾ। ਬਸ, ਹੁਣ ਵਿਨੈ ਬਹੁਤ ਛੇਤੀ ਮਾਂ ਦਾ ਬੇਟਾ ਬਣ ਕੇ ਹੀ ਪਰਤੇਗਾ, ਮਨ ਹੀ ਮਨ ਇਹ ਸੋਚਦਾ ਹੋਇਆ ਵਿਨੈ ਹੌਲ ਰੋਣ ਨਾਲ ਫੁਸਕਣ ਲੱਗ ਪਿਆ।

ਪ੍ਰੋ. ਨਵ ਸੰਗੀਤ ਸਿੰਘ
ਪੋਸਟ ਗ੍ਰੈਜੂਏਟ ਪੰਜਾਬੀ ਵਿਭਾਗ,
ਅਕਾਲ ਯੂਨੀਵਰਸਿਟੀ,
ਤਲਵੰਡੀ ਸਾਬੋ-151302
(ਬਠਿੰਡਾ) 9417692015
ਨਜ਼ਮ	ਮਸ਼ੀਨੀ ਯੁੱਗ
ਕਹਿੰਦੇ ਜਦ ਅਕਲ ਆਈ ਮਨੁੱਖ ਨੂੰ,ਉਸ ਲਈ ਮਸ਼ੀਨ ਬਣਾ।
ਖਿਦਮਤ ਲਈ ਜੋ ਬਣਾਈ,ਉਸ ਲਿਆ ਮਨੁੱਖ ਗੁਲਾਮ ਬਣਾ।
ਮਸ਼ੀਨ ਬੋਲ ਨਾ ਸਕਦੀ, ਨਾ ਮਰਜੀ ਨਾਲ ਕਰਦੀ ਕੰਮ ਵਿਖਾ।
ਤਾਂ ਹੀ ਇਹ ਸਭ ਨੂੰ ਚੰਗੀ ਲਗਦੀ, ਸੱਭ ਨੂੰ ਰਹੀ ਆ ਭਾਅ।
ਹਾਕਮ ਚਾਹਵੇ ਮਸ਼ੀਨ ਜੋ, ਬਿਨ ਥੱਕੇ ਹੁਕਮ ਦਏ ਸਿਰੇ ਚੜ੍ਹਾ।
ਉਸ ਗੁਲਾਮ ਬਣਾ ਕੇ ਮਨੁੱਖ ਹੀ, ਮਸ਼ੀਨ ਚਿੱਤਵ ਲਿਆ।
ਹਾਕਮ ਲੋਕਾਂ ਨੂੰ ਸਮਝ ਮਸ਼ੀਨ, ਰਿਹਾ ਚਾਲਾਂ ਵਿੱਚ ਫਸਾ।
ਬੇਰੁਜ਼ਗਾਰੀ ਨੰਗ ਭੁੱਖ ਫੈਲਾ ਕੇ, ਰਿਹਾ ਕਹਿਰ ਮਚਾ।
ਸੁਣ ਹੁਣ ਹਾਕਮਾਂ ‘ਟੋਨੀ’ ਆਖੇ, ਲੈ ਆਪਣਾ ਮਨ ਸਮਝਾ।
ਵਕਤ ਤਾਂ ਡੰਡਾ ਚੁੱਕੀ ਫਿਰਦਾ, ਲੋਕਾਂ ਹੱਕ ਆਪਣੇ ਲੈਣੇ ਪਾ।
ਕਹਿੰਦੇ ਜਦ ਅਕਲ ਆਈ ਮਨੁੱਖ ਨੂੰ, ਉਸ ਲਈ ਮਸ਼ੀਨ ਬਣਾ।
ਖਿਦਮਤ ਲਈ ਜੋ ਬਣਾਈ, ਉਸ ਲਿਆ ਮਨੁੱਖ ਗੁਲਾਮ ਬਣਾ।
ਰਾਮ ਪ੍ਰਕਾਸ਼ ਟੋਨੀ
ਜਨਰਲ ਸਕੱਤਰ ਪੰਜਾਬੀ ਸਾਹਿਤ ਸਭਾ
ਪਿੰਡ, ਦੁਸਾਂਝ ਕਲਾਂ, ਜਲੰਧਰ
7696397240
